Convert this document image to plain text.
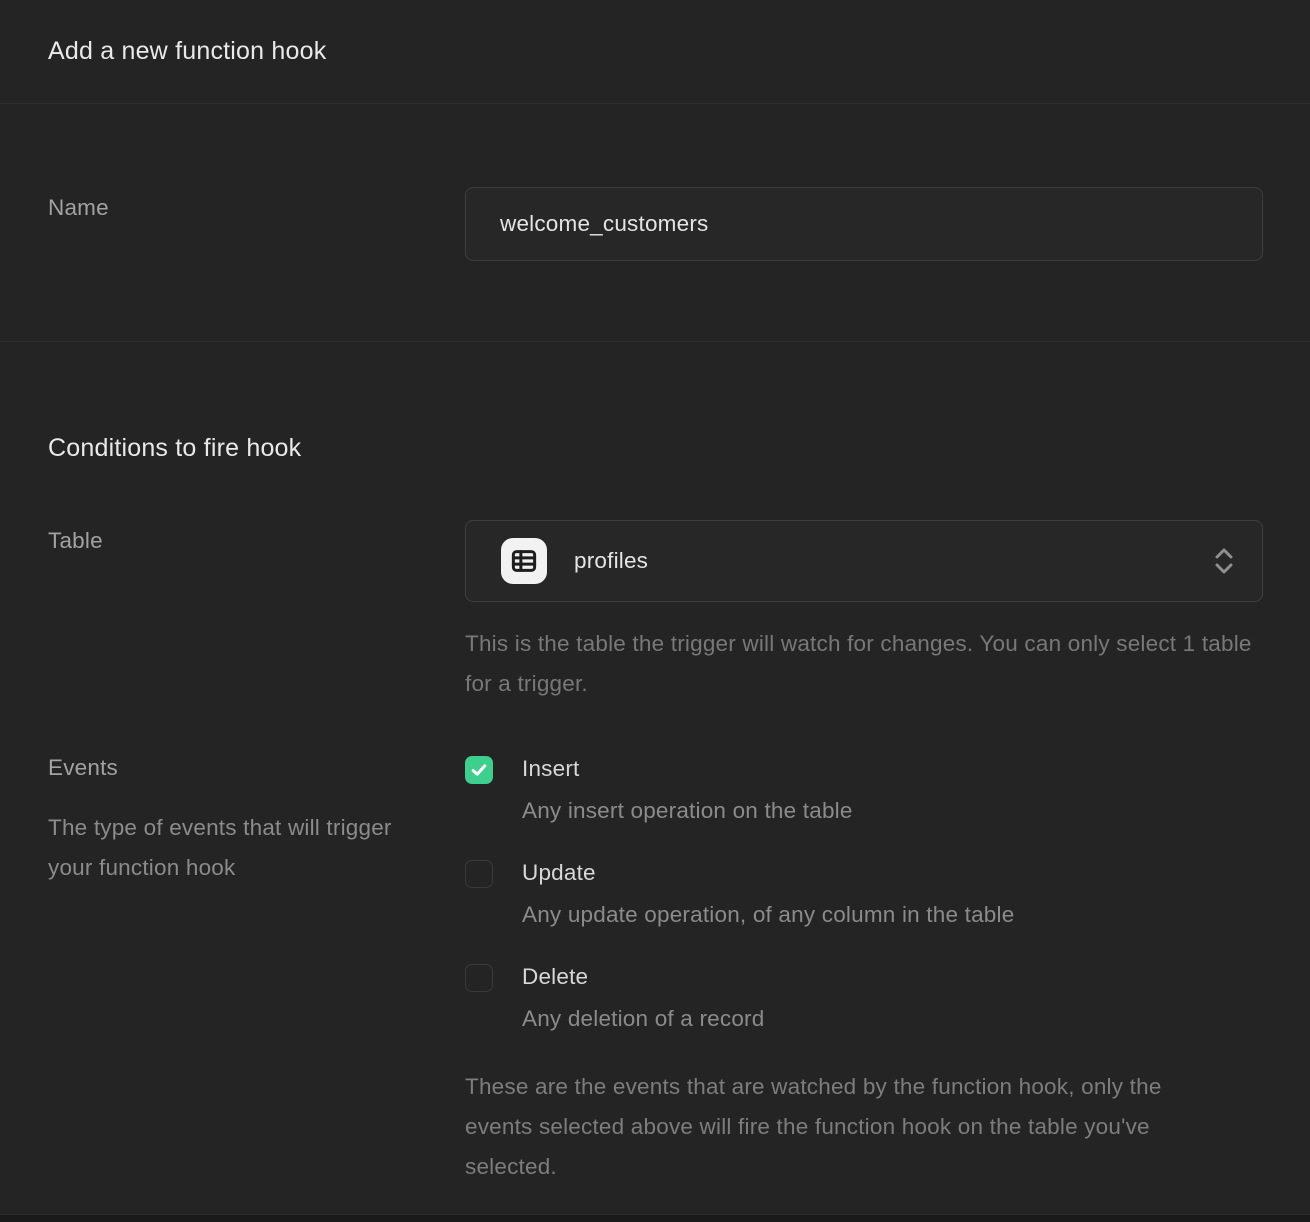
Add a new function hook
Name
welcome_customers
Conditions to fire hook
Table
profiles

This is the table the trigger will watch for changes. You can only select 1 table for a trigger.

Events

The type of events that will trigger your function hook

Insert
Any insert operation on the table
Update
Any update operation, of any column in the table
Delete
Any deletion of a record

These are the events that are watched by the function hook, only the events selected above will fire the function hook on the table you've selected.
